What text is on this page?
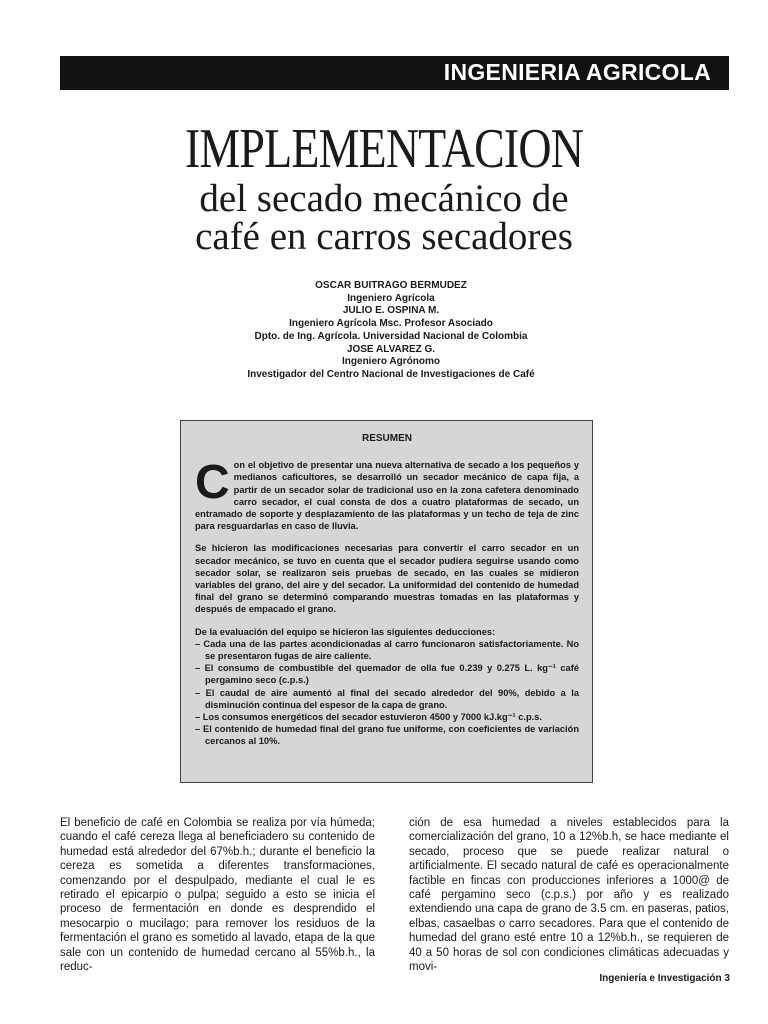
INGENIERIA AGRICOLA
IMPLEMENTACION
del secado mecánico de
café en carros secadores
OSCAR BUITRAGO BERMUDEZ
Ingeniero Agrícola
JULIO E. OSPINA M.
Ingeniero Agrícola Msc. Profesor Asociado
Dpto. de Ing. Agrícola. Universidad Nacional de Colombia
JOSE ALVAREZ G.
Ingeniero Agrónomo
Investigador del Centro Nacional de Investigaciones de Café
RESUMEN

Con el objetivo de presentar una nueva alternativa de secado a los pequeños y medianos caficultores, se desarrolló un secador mecánico de capa fija, a partir de un secador solar de tradicional uso en la zona cafetera denominado carro secador, el cual consta de dos a cuatro plataformas de secado, un entramado de soporte y desplazamiento de las plataformas y un techo de teja de zinc para resguardarlas en caso de lluvia.

Se hicieron las modificaciones necesarias para convertir el carro secador en un secador mecánico, se tuvo en cuenta que el secador pudiera seguirse usando como secador solar, se realizaron seis pruebas de secado, en las cuales se midieron variables del grano, del aire y del secador. La uniformidad del contenido de humedad final del grano se determinó comparando muestras tomadas en las plataformas y después de empacado el grano.

De la evaluación del equipo se hicieron las siguientes deducciones:

– Cada una de las partes acondicionadas al carro funcionaron satisfactoriamente. No se presentaron fugas de aire caliente.
– El consumo de combustible del quemador de olla fue 0.239 y 0.275 L. kg⁻¹ café pergamino seco (c.p.s.)
– El caudal de aire aumentó al final del secado alrededor del 90%, debido a la disminución continua del espesor de la capa de grano.
– Los consumos energéticos del secador estuvieron 4500 y 7000 kJ.kg⁻¹ c.p.s.
– El contenido de humedad final del grano fue uniforme, con coeficientes de variación cercanos al 10%.
El beneficio de café en Colombia se realiza por vía húmeda; cuando el café cereza llega al beneficiadero su contenido de humedad está alrededor del 67%b.h.; durante el beneficio la cereza es sometida a diferentes transformaciones, comenzando por el despulpado, mediante el cual le es retirado el epicarpio o pulpa; seguido a esto se inicia el proceso de fermentación en donde es desprendido el mesocarpio o mucilago; para remover los residuos de la fermentación el grano es sometido al lavado, etapa de la que sale con un contenido de humedad cercano al 55%b.h., la reduc-
ción de esa humedad a niveles establecidos para la comercialización del grano, 10 a 12%b.h, se hace mediante el secado, proceso que se puede realizar natural o artificialmente. El secado natural de café es operacionalmente factible en fincas con producciones inferiores a 1000@ de café pergamino seco (c.p.s.) por año y es realizado extendiendo una capa de grano de 3.5 cm. en paseras, patios, elbas, casaelbas o carro secadores. Para que el contenido de humedad del grano esté entre 10 a 12%b.h., se requieren de 40 a 50 horas de sol con condiciones climáticas adecuadas y movi-
Ingeniería e Investigación 3
